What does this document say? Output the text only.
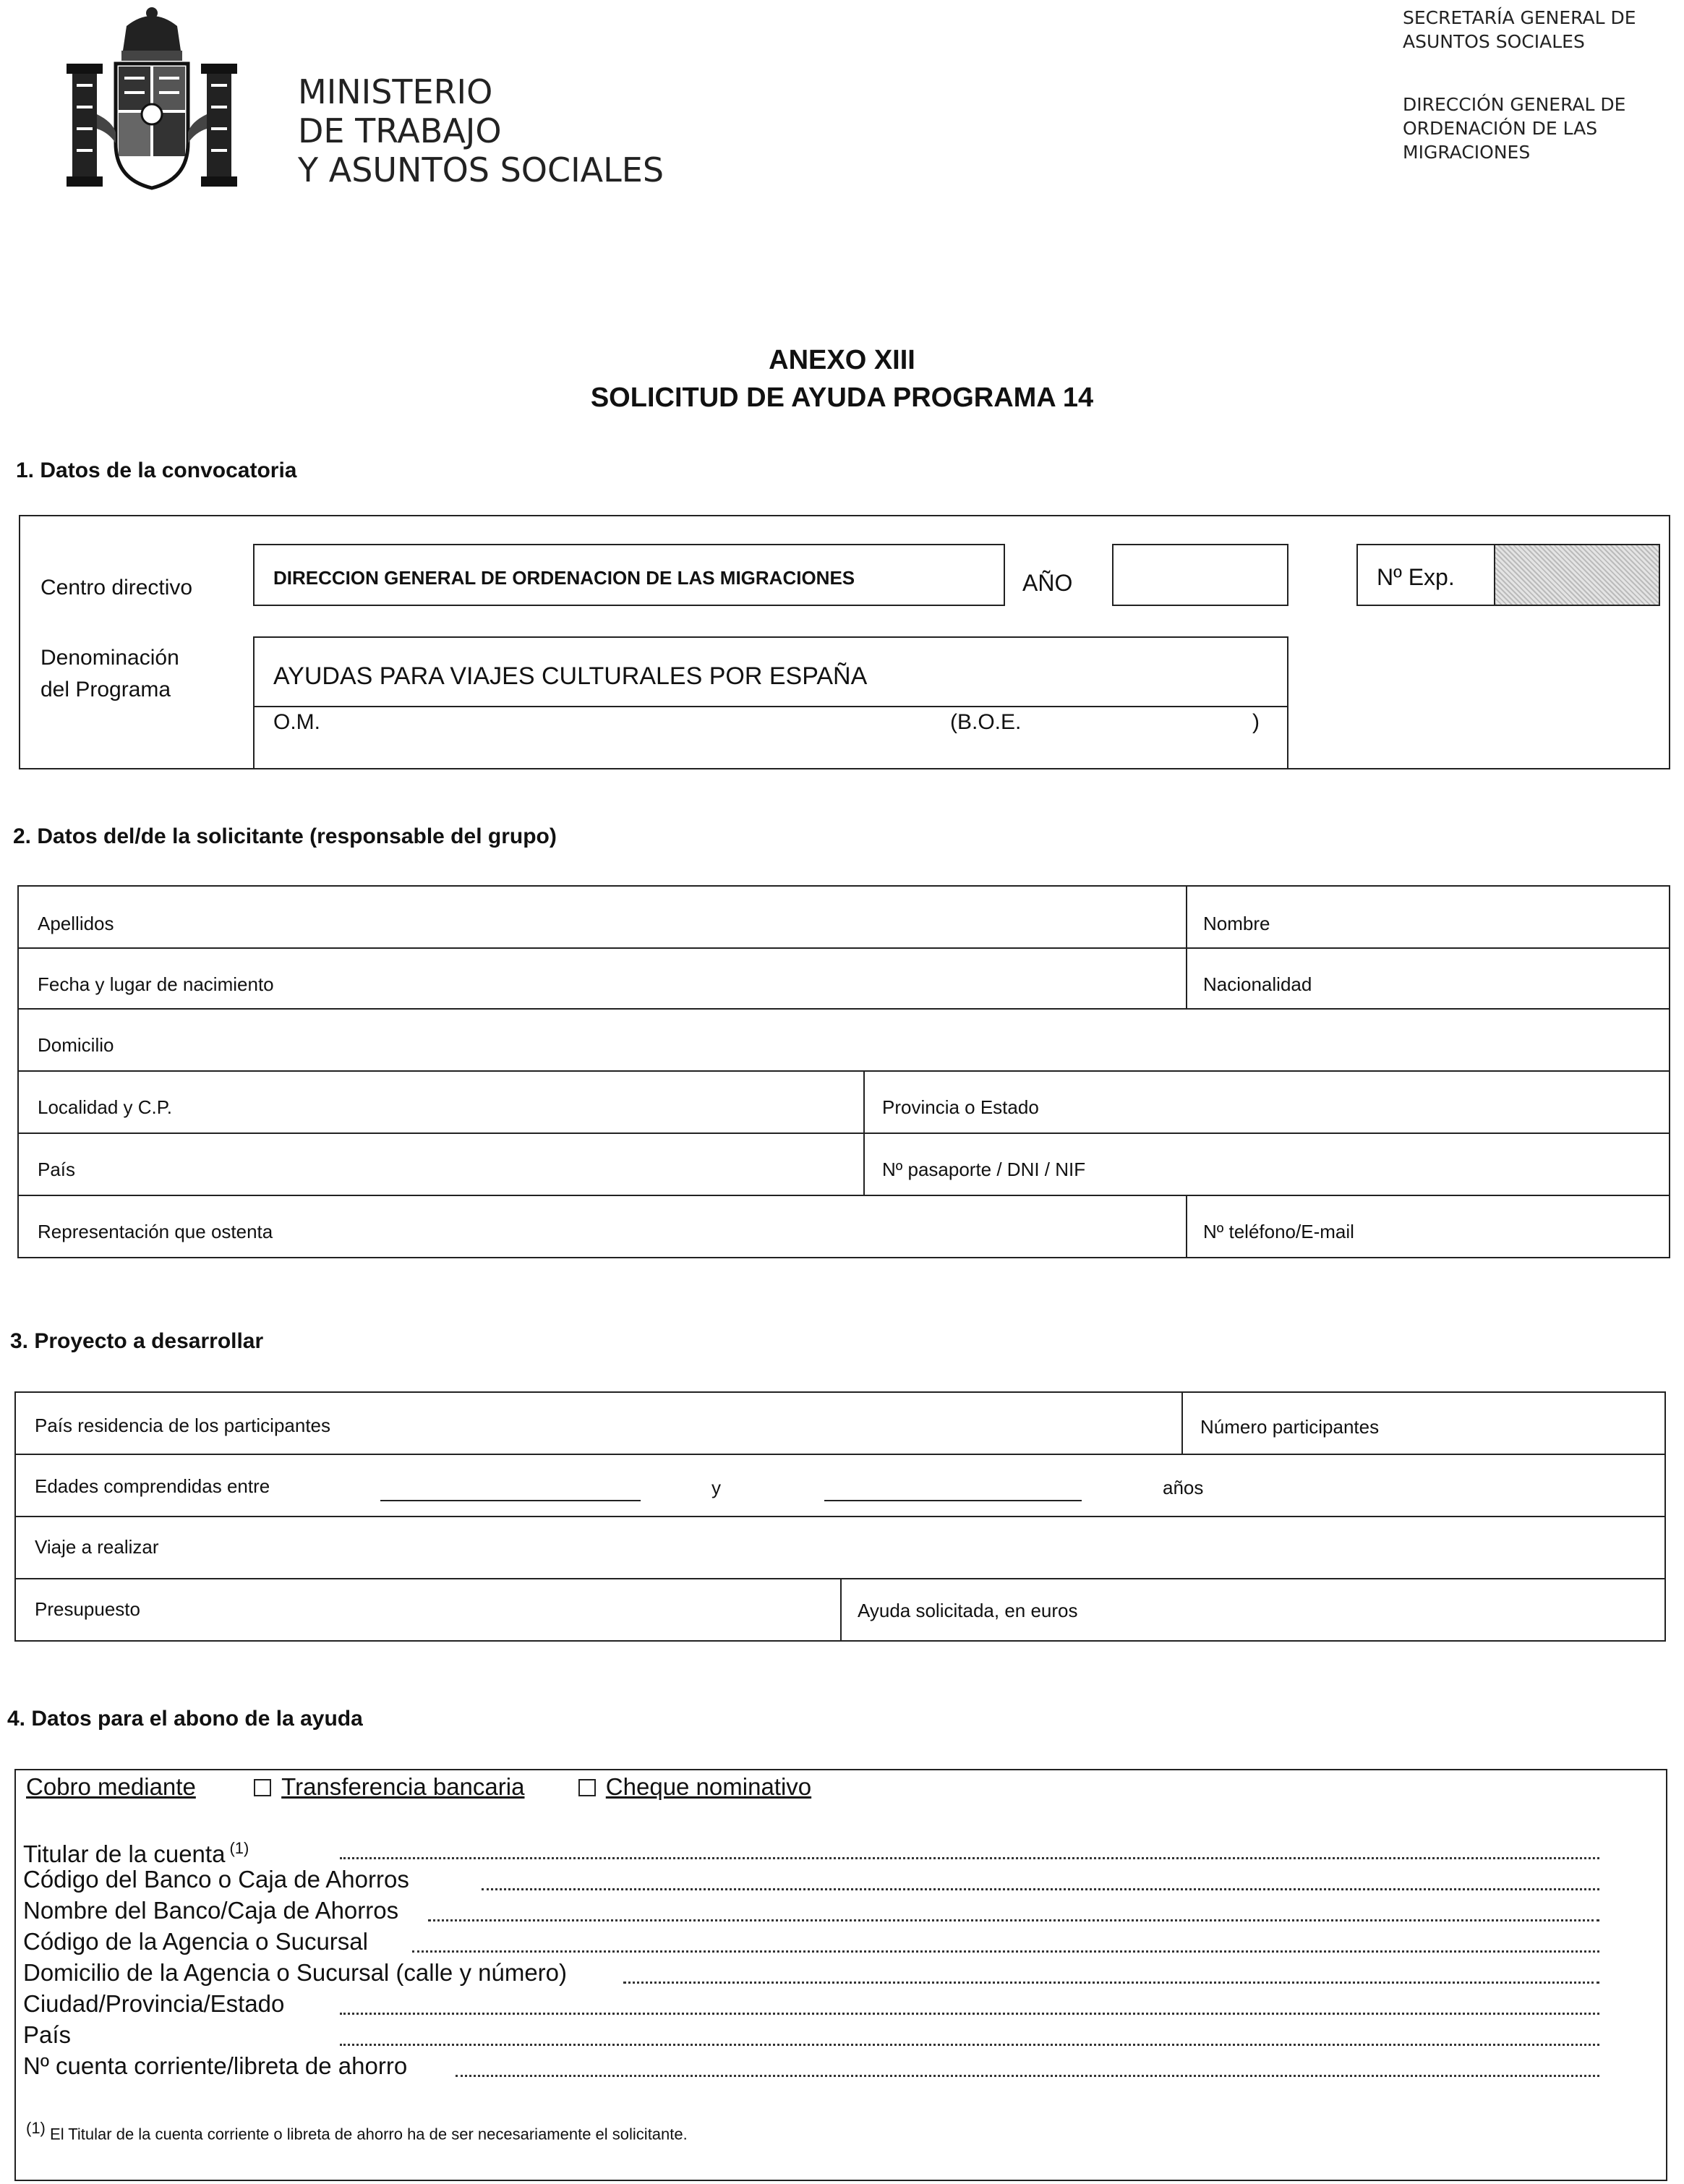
MINISTERIO
DE TRABAJO
Y ASUNTOS SOCIALES
SECRETARÍA GENERAL DE
ASUNTOS SOCIALES
DIRECCIÓN GENERAL DE
ORDENACIÓN DE LAS
MIGRACIONES
ANEXO XIII
SOLICITUD DE AYUDA PROGRAMA 14
1. Datos de la convocatoria
Centro directivo	DIRECCION GENERAL DE ORDENACION DE LAS MIGRACIONES	AÑO	Nº Exp.
Denominación
del Programa	AYUDAS PARA VIAJES CULTURALES POR ESPAÑA
O.M.	(B.O.E.	)
2. Datos del/de la solicitante (responsable del grupo)
Apellidos	Nombre
Fecha y lugar de nacimiento	Nacionalidad
Domicilio
Localidad y C.P.	Provincia o Estado
País	Nº pasaporte / DNI / NIF
Representación que ostenta	Nº teléfono/E-mail
3. Proyecto a desarrollar
País residencia de los participantes	Número participantes
Edades comprendidas entre	y	años
Viaje a realizar
Presupuesto	Ayuda solicitada, en euros
4. Datos para el abono de la ayuda
Cobro mediante	Transferencia bancaria	Cheque nominativo
Titular de la cuenta $^{(1)}$
Código del Banco o Caja de Ahorros
Nombre del Banco/Caja de Ahorros
Código de la Agencia o Sucursal
Domicilio de la Agencia o Sucursal (calle y número)
Ciudad/Provincia/Estado
País
Nº cuenta corriente/libreta de ahorro
$^{(1)}$ El Titular de la cuenta corriente o libreta de ahorro ha de ser necesariamente el solicitante.
